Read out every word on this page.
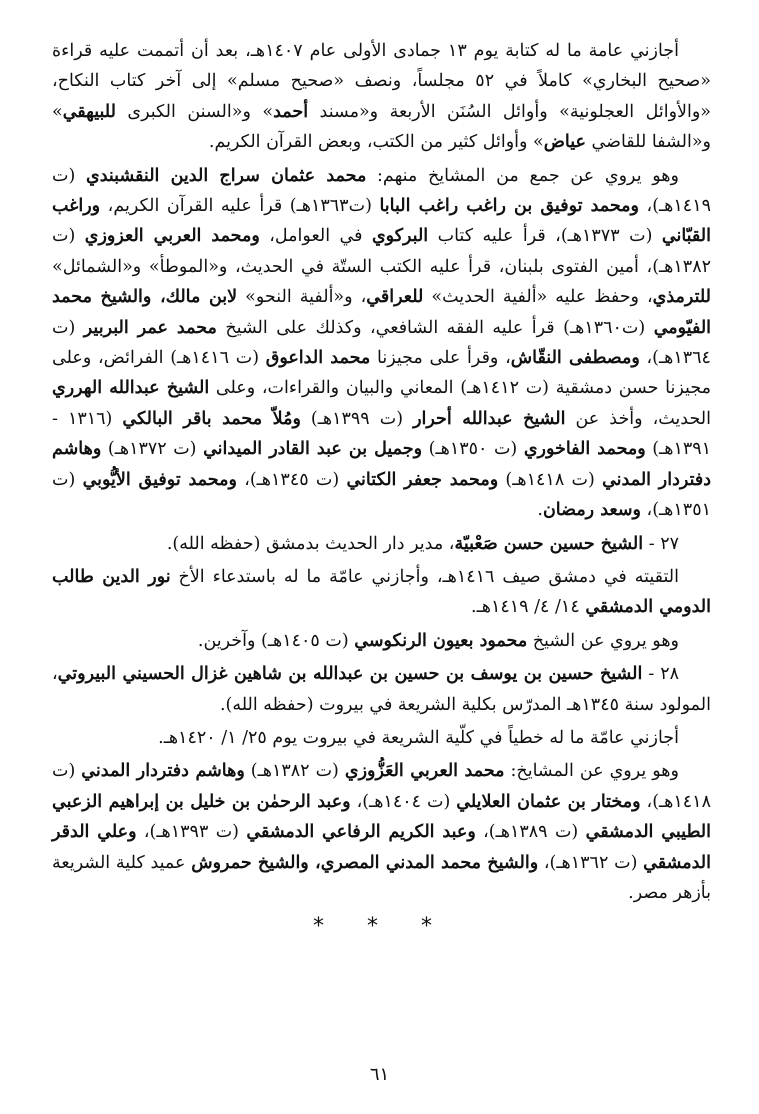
أجازني عامة ما له كتابة يوم ١٣ جمادى الأولى عام ١٤٠٧هـ، بعد أن أتممت عليه قراءة «صحيح البخاري» كاملاً في ٥٢ مجلساً، ونصف «صحيح مسلم» إلى آخر كتاب النكاح، «والأوائل العجلونية» وأوائل السُنَن الأربعة و«مسند أحمد» و«السنن الكبرى للبيهقي» و«الشفا للقاضي عياض» وأوائل كثير من الكتب، وبعض القرآن الكريم.

وهو يروي عن جمع من المشايخ منهم: محمد عثمان سراج الدين النقشبندي (ت ١٤١٩هـ)، ومحمد توفيق بن راغب راغب البابا (ت١٣٦٣هـ) قرأ عليه القرآن الكريم، وراغب القبّاني (ت ١٣٧٣هـ)، قرأ عليه كتاب البركوي في العوامل، ومحمد العربي العزوزي (ت ١٣٨٢هـ)، أمين الفتوى بلبنان، قرأ عليه الكتب الستّة في الحديث، و«الموطأ» و«الشمائل» للترمذي، وحفظ عليه «ألفية الحديث» للعراقي، و«ألفية النحو» لابن مالك، والشيخ محمد الفيّومي (ت١٣٦٠هـ) قرأ عليه الفقه الشافعي، وكذلك على الشيخ محمد عمر البربير (ت ١٣٦٤هـ)، ومصطفى النقّاش، وقرأ على مجيزنا محمد الداعوق (ت ١٤١٦هـ) الفرائض، وعلى مجيزنا حسن دمشقية (ت ١٤١٢هـ) المعاني والبيان والقراءات، وعلى الشيخ عبدالله الهرري الحديث، وأخذ عن الشيخ عبدالله أحرار (ت ١٣٩٩هـ) ومُلاّ محمد باقر البالكي (١٣١٦ - ١٣٩١هـ) ومحمد الفاخوري (ت ١٣٥٠هـ) وجميل بن عبد القادر الميداني (ت ١٣٧٢هـ) وهاشم دفتردار المدني (ت ١٤١٨هـ) ومحمد جعفر الكتاني (ت ١٣٤٥هـ)، ومحمد توفيق الأيُّوبي (ت ١٣٥١هـ)، وسعد رمضان.

٢٧ - الشيخ حسين حسن صَعْبيّة، مدير دار الحديث بدمشق (حفظه الله).

التقيته في دمشق صيف ١٤١٦هـ، وأجازني عامّة ما له باستدعاء الأخ نور الدين طالب الدومي الدمشقي ١٤/ ٤/ ١٤١٩هـ.

وهو يروي عن الشيخ محمود بعيون الرنكوسي (ت ١٤٠٥هـ) وآخرين.

٢٨ - الشيخ حسين بن يوسف بن حسين بن عبدالله بن شاهين غزال الحسيني البيروتي، المولود سنة ١٣٤٥هـ المدرّس بكلية الشريعة في بيروت (حفظه الله).

أجازني عامّة ما له خطياً في كلّية الشريعة في بيروت يوم ٢٥/ ١/ ١٤٢٠هـ.

وهو يروي عن المشايخ: محمد العربي العَزُّوزي (ت ١٣٨٢هـ) وهاشم دفتردار المدني (ت ١٤١٨هـ)، ومختار بن عثمان العلايلي (ت ١٤٠٤هـ)، وعبد الرحمٰن بن خليل بن إبراهيم الزعبي الطيبي الدمشقي (ت ١٣٨٩هـ)، وعبد الكريم الرفاعي الدمشقي (ت ١٣٩٣هـ)، وعلي الدقر الدمشقي (ت ١٣٦٢هـ)، والشيخ محمد المدني المصري، والشيخ حمروش عميد كلية الشريعة بأزهر مصر.

* * *
٦١
